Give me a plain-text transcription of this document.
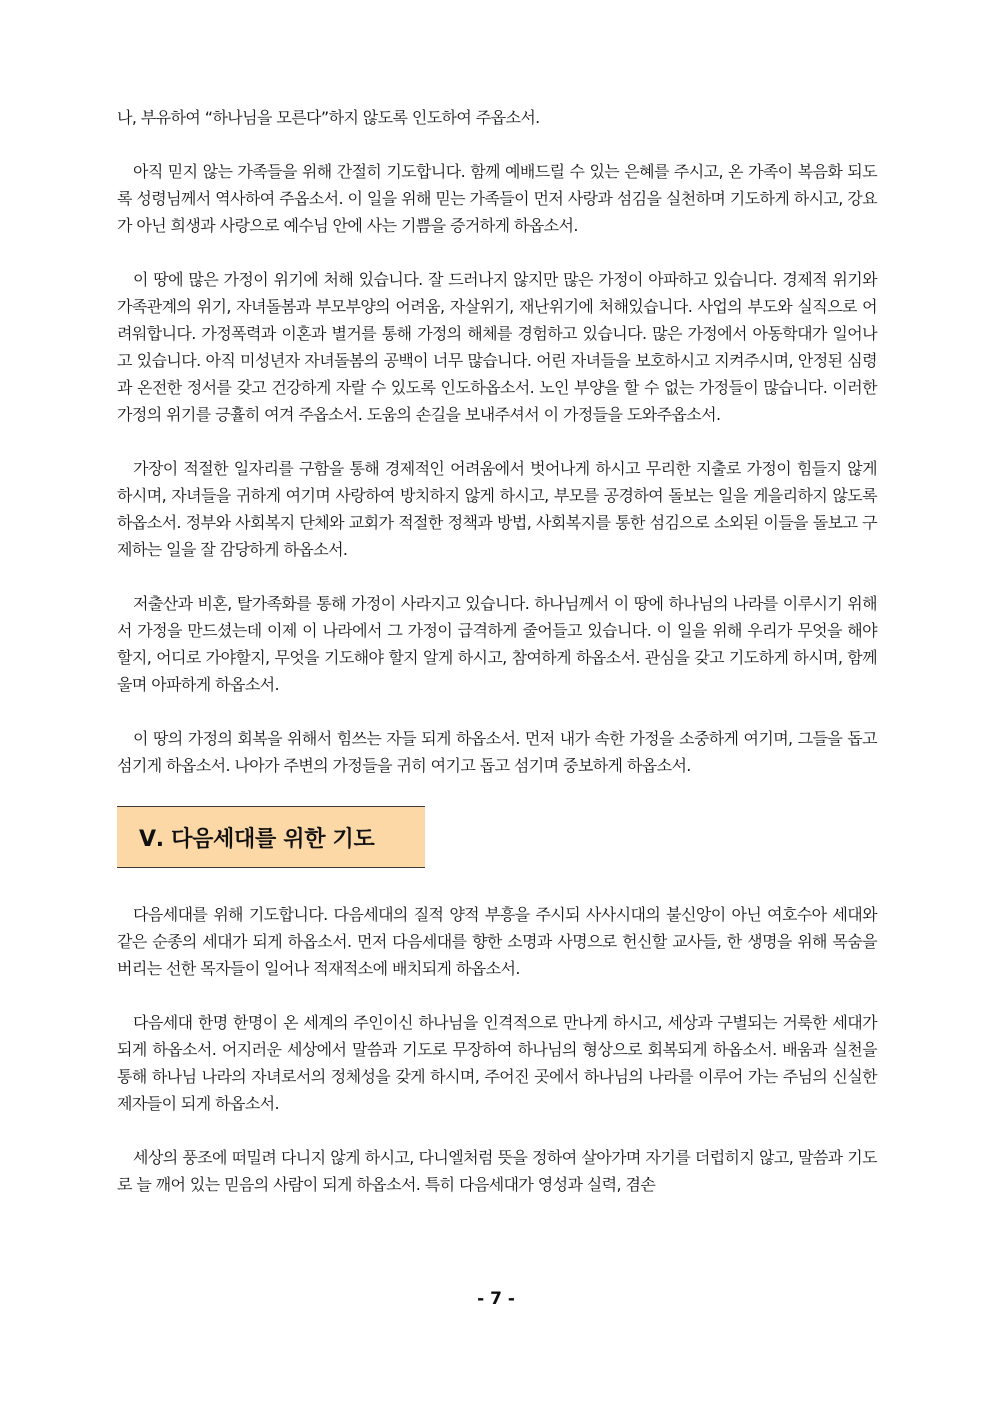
나, 부유하여 “하나님을 모른다”하지 않도록 인도하여 주옵소서.

아직 믿지 않는 가족들을 위해 간절히 기도합니다. 함께 예배드릴 수 있는 은혜를 주시고, 온 가족이 복음화 되도록 성령님께서 역사하여 주옵소서. 이 일을 위해 믿는 가족들이 먼저 사랑과 섬김을 실천하며 기도하게 하시고, 강요가 아닌 희생과 사랑으로 예수님 안에 사는 기쁨을 증거하게 하옵소서.

이 땅에 많은 가정이 위기에 처해 있습니다. 잘 드러나지 않지만 많은 가정이 아파하고 있습니다. 경제적 위기와 가족관계의 위기, 자녀돌봄과 부모부양의 어려움, 자살위기, 재난위기에 처해있습니다. 사업의 부도와 실직으로 어려워합니다. 가정폭력과 이혼과 별거를 통해 가정의 해체를 경험하고 있습니다. 많은 가정에서 아동학대가 일어나고 있습니다. 아직 미성년자 자녀돌봄의 공백이 너무 많습니다. 어린 자녀들을 보호하시고 지켜주시며, 안정된 심령과 온전한 정서를 갖고 건강하게 자랄 수 있도록 인도하옵소서. 노인 부양을 할 수 없는 가정들이 많습니다. 이러한 가정의 위기를 긍휼히 여겨 주옵소서. 도움의 손길을 보내주셔서 이 가정들을 도와주옵소서.

가장이 적절한 일자리를 구함을 통해 경제적인 어려움에서 벗어나게 하시고 무리한 지출로 가정이 힘들지 않게 하시며, 자녀들을 귀하게 여기며 사랑하여 방치하지 않게 하시고, 부모를 공경하여 돌보는 일을 게을리하지 않도록 하옵소서. 정부와 사회복지 단체와 교회가 적절한 정책과 방법, 사회복지를 통한 섬김으로 소외된 이들을 돌보고 구제하는 일을 잘 감당하게 하옵소서.

저출산과 비혼, 탈가족화를 통해 가정이 사라지고 있습니다. 하나님께서 이 땅에 하나님의 나라를 이루시기 위해서 가정을 만드셨는데 이제 이 나라에서 그 가정이 급격하게 줄어들고 있습니다. 이 일을 위해 우리가 무엇을 해야 할지, 어디로 가야할지, 무엇을 기도해야 할지 알게 하시고, 참여하게 하옵소서. 관심을 갖고 기도하게 하시며, 함께 울며 아파하게 하옵소서.

이 땅의 가정의 회복을 위해서 힘쓰는 자들 되게 하옵소서. 먼저 내가 속한 가정을 소중하게 여기며, 그들을 돕고 섬기게 하옵소서. 나아가 주변의 가정들을 귀히 여기고 돕고 섬기며 중보하게 하옵소서.

Ⅴ. 다음세대를 위한 기도

다음세대를 위해 기도합니다. 다음세대의 질적 양적 부흥을 주시되 사사시대의 불신앙이 아닌 여호수아 세대와 같은 순종의 세대가 되게 하옵소서. 먼저 다음세대를 향한 소명과 사명으로 헌신할 교사들, 한 생명을 위해 목숨을 버리는 선한 목자들이 일어나 적재적소에 배치되게 하옵소서.

다음세대 한명 한명이 온 세계의 주인이신 하나님을 인격적으로 만나게 하시고, 세상과 구별되는 거룩한 세대가 되게 하옵소서. 어지러운 세상에서 말씀과 기도로 무장하여 하나님의 형상으로 회복되게 하옵소서. 배움과 실천을 통해 하나님 나라의 자녀로서의 정체성을 갖게 하시며, 주어진 곳에서 하나님의 나라를 이루어 가는 주님의 신실한 제자들이 되게 하옵소서.

세상의 풍조에 떠밀려 다니지 않게 하시고, 다니엘처럼 뜻을 정하여 살아가며 자기를 더럽히지 않고, 말씀과 기도로 늘 깨어 있는 믿음의 사람이 되게 하옵소서. 특히 다음세대가 영성과 실력, 겸손

- 7 -
